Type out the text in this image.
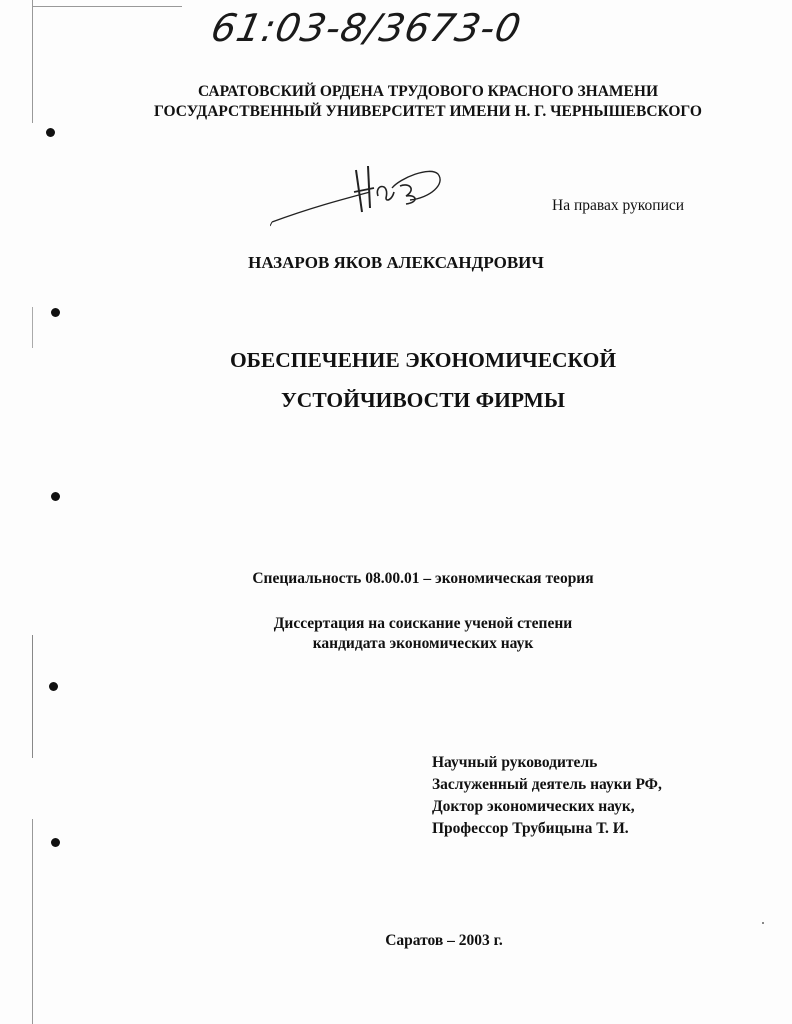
61:03-8/3673-0
САРАТОВСКИЙ ОРДЕНА ТРУДОВОГО КРАСНОГО ЗНАМЕНИ
ГОСУДАРСТВЕННЫЙ УНИВЕРСИТЕТ ИМЕНИ Н. Г. ЧЕРНЫШЕВСКОГО
На правах рукописи
НАЗАРОВ ЯКОВ АЛЕКСАНДРОВИЧ
ОБЕСПЕЧЕНИЕ ЭКОНОМИЧЕСКОЙ
УСТОЙЧИВОСТИ ФИРМЫ
Специальность 08.00.01 – экономическая теория
Диссертация на соискание ученой степени
кандидата экономических наук
Научный руководитель
Заслуженный деятель науки РФ,
Доктор экономических наук,
Профессор Трубицына Т. И.
Саратов – 2003 г.
